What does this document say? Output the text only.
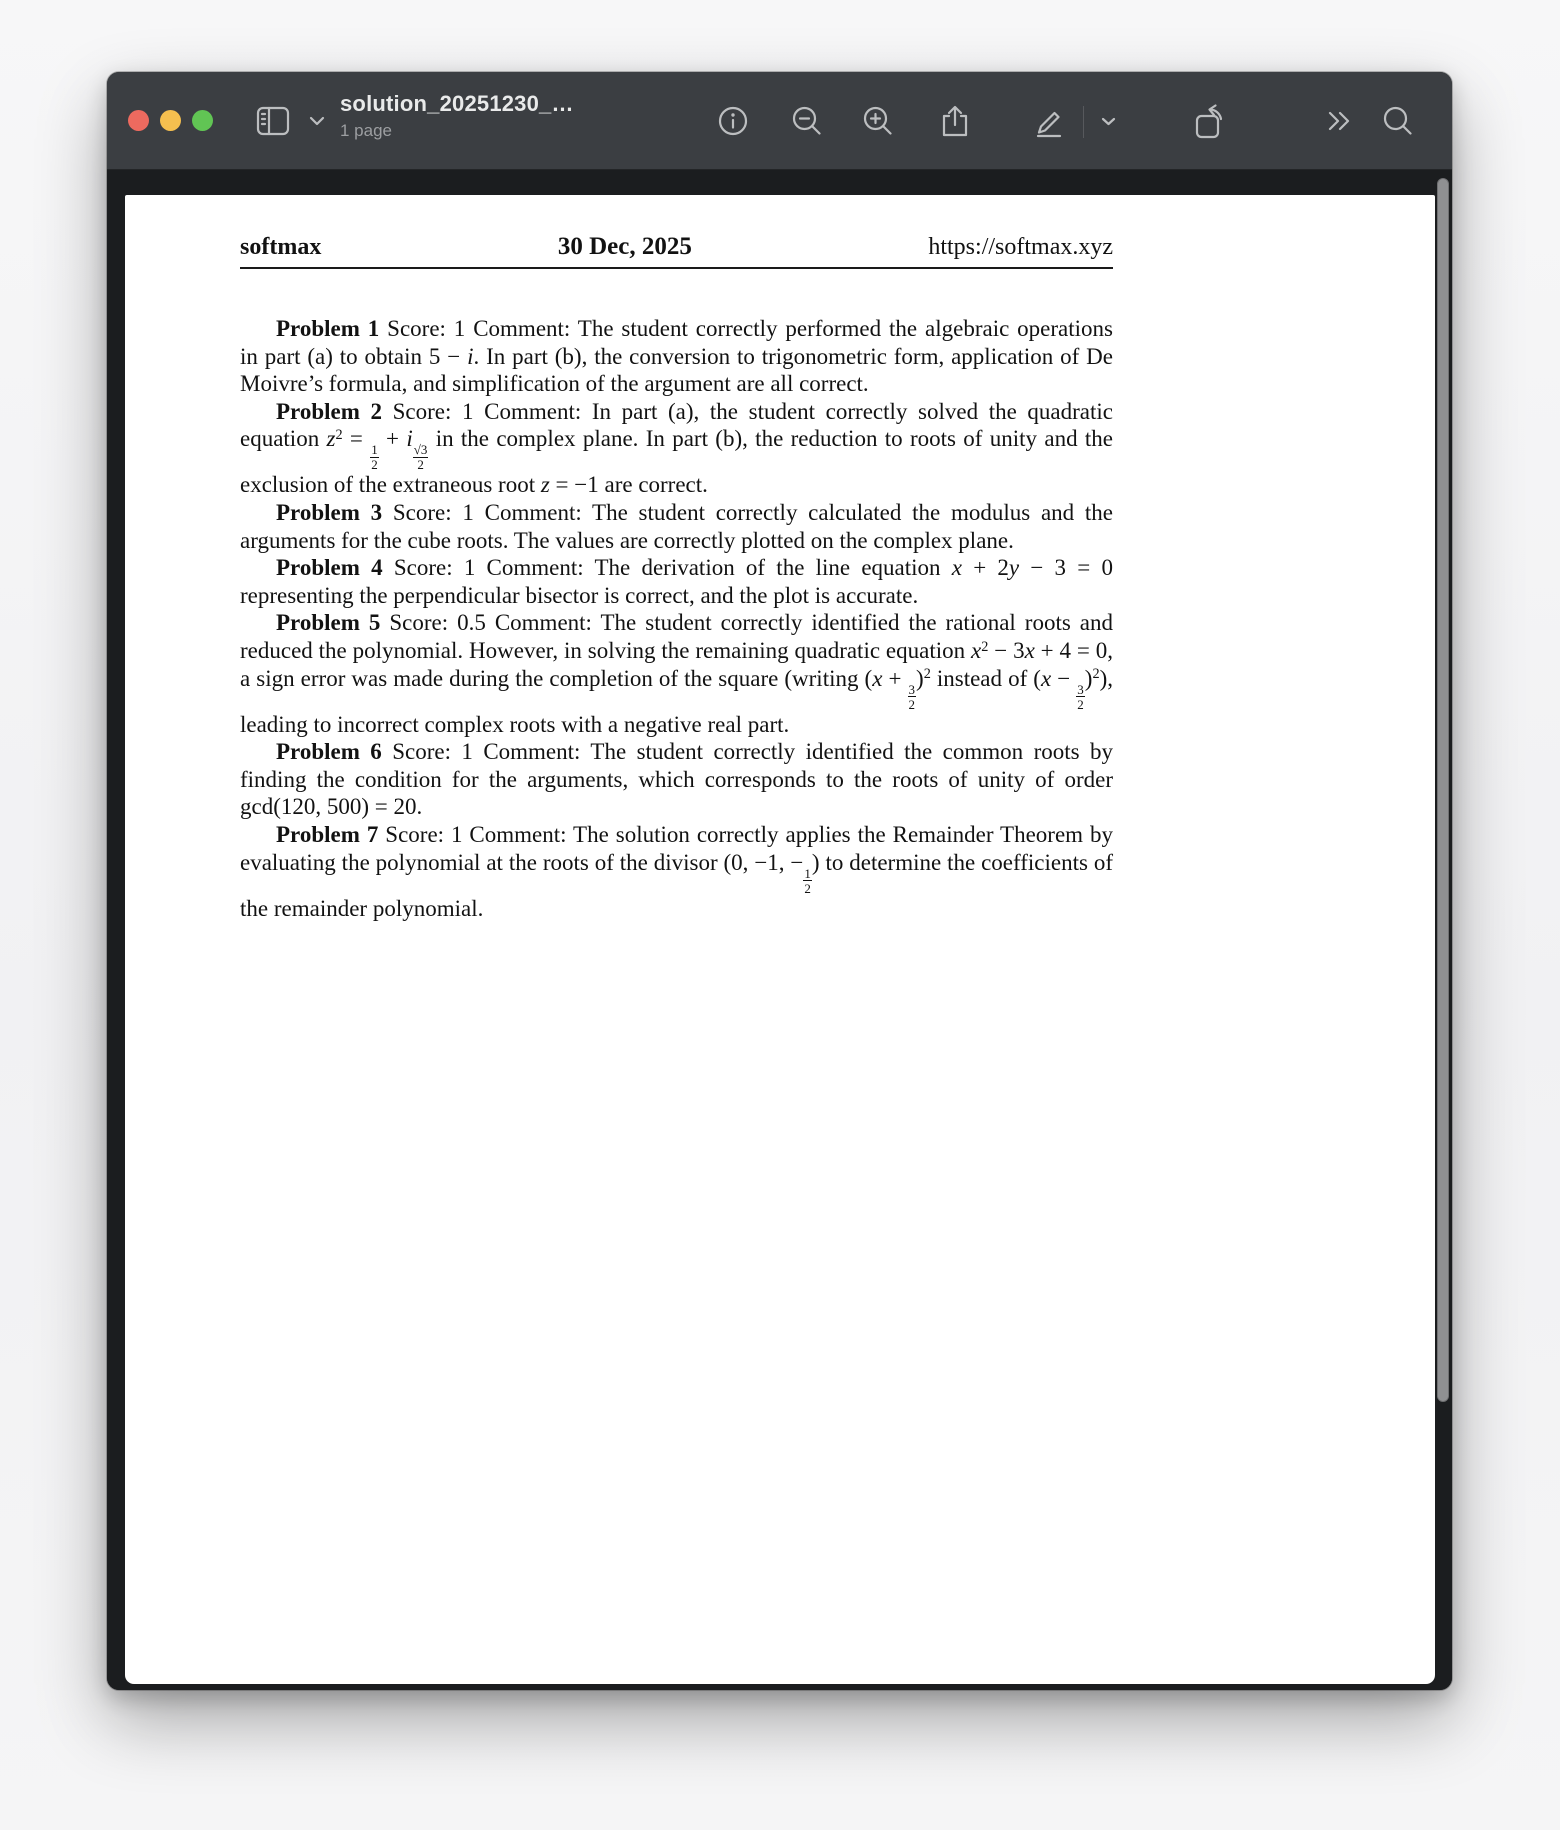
solution_20251230_…
1 page
softmax	30 Dec, 2025	https://softmax.xyz

Problem 1 Score: 1 Comment: The student correctly performed the algebraic operations in part (a) to obtain 5 − i. In part (b), the conversion to trigonometric form, application of De Moivre’s formula, and simplification of the argument are all correct.

Problem 2 Score: 1 Comment: In part (a), the student correctly solved the quadratic equation $z^2$ =
$\frac{1}{2}$
+ i
$\frac{√3}{2}$
in the complex plane. In part (b), the reduction to roots of unity and the exclusion of the extraneous root z = −1 are correct.

Problem 3 Score: 1 Comment: The student correctly calculated the modulus and the arguments for the cube roots. The values are correctly plotted on the complex plane.

Problem 4 Score: 1 Comment: The derivation of the line equation x + 2y − 3 = 0 representing the perpendicular bisector is correct, and the plot is accurate.

Problem 5 Score: 0.5 Comment: The student correctly identified the rational roots and reduced the polynomial. However, in solving the remaining quadratic equation $x^2 - 3x + 4 = 0$, a sign error was made during the completion of the square (writing (x +
$\frac{3}{2}$
)$^2$ instead of (x −
$\frac{3}{2}$
)$^2$), leading to incorrect complex roots with a negative real part.

Problem 6 Score: 1 Comment: The student correctly identified the common roots by finding the condition for the arguments, which corresponds to the roots of unity of order gcd(120, 500) = 20.

Problem 7 Score: 1 Comment: The solution correctly applies the Remainder Theorem by evaluating the polynomial at the roots of the divisor (0, −1, −
$\frac{1}{2}$
) to determine the coefficients of the remainder polynomial.
